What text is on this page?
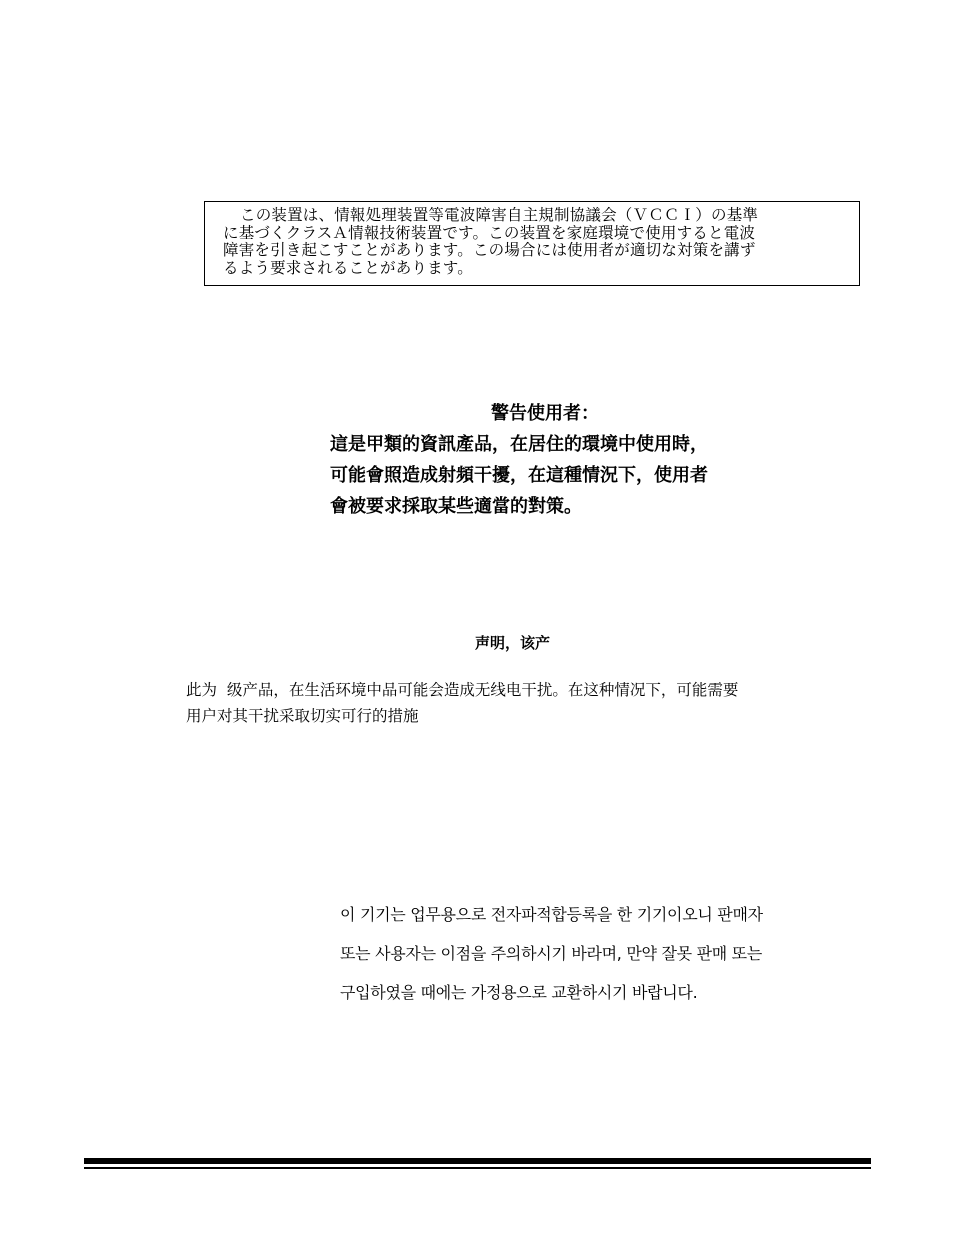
この装置は、情報処理装置等電波障害自主規制協議会（ＶＣＣＩ）の基準
に基づくクラスＡ情報技術装置です。この装置を家庭環境で使用すると電波
障害を引き起こすことがあります。この場合には使用者が適切な対策を講ず
るよう要求されることがあります。
警告使用者：
這是甲類的資訊產品，在居住的環境中使用時，
可能會照造成射頻干擾，在這種情況下，使用者
會被要求採取某些適當的對策。
声明，该产
此为  级产品，在生活环境中品可能会造成无线电干扰。在这种情况下，可能需要
用户对其干扰采取切实可行的措施
이 기기는 업무용으로 전자파적합등록을 한 기기이오니 판매자
또는 사용자는 이점을 주의하시기 바라며, 만약 잘못 판매 또는
구입하였을 때에는 가정용으로 교환하시기 바랍니다.
